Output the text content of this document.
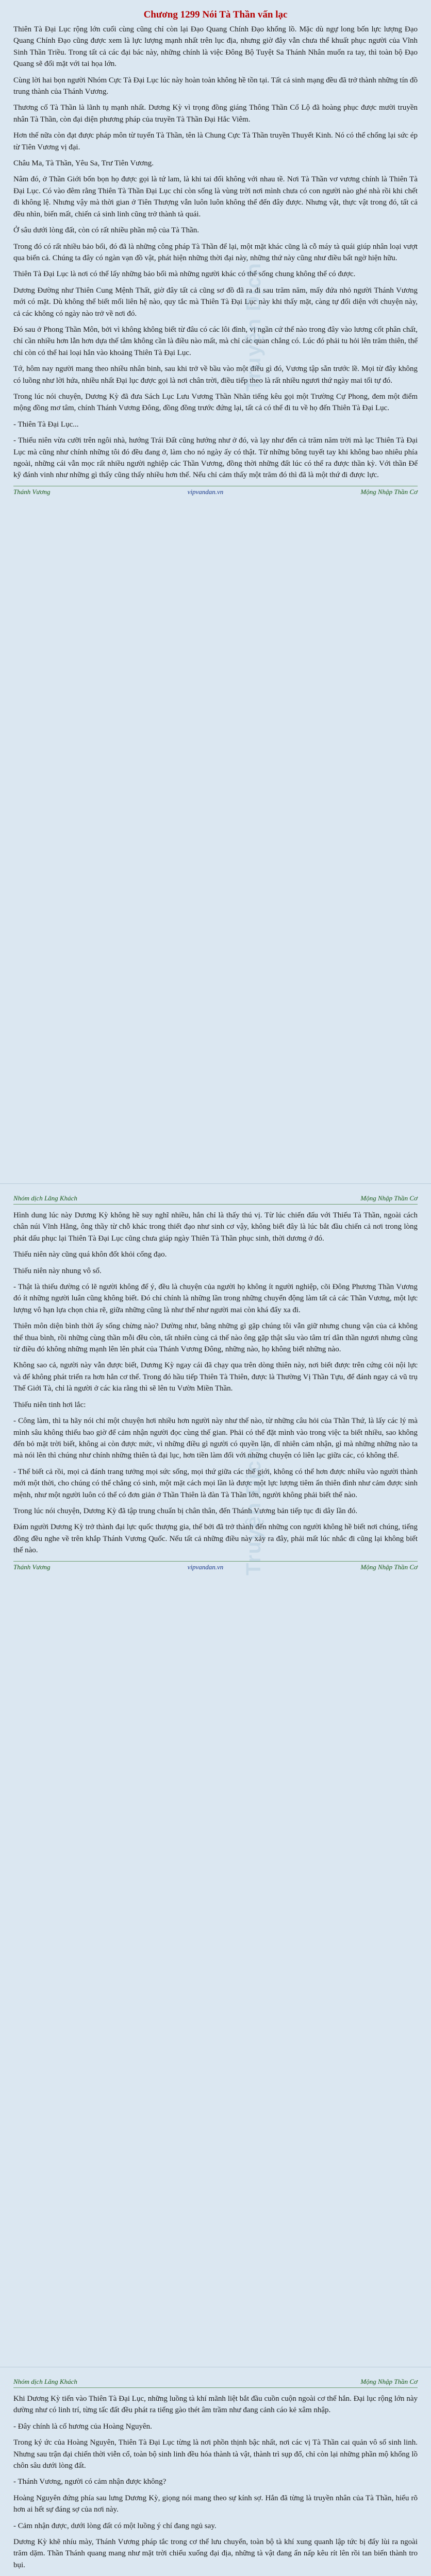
Truyện Dịch
Chương 1299 Nói Tà Thần vấn lạc

Thiên Tà Đại Lục rộng lớn cuối cùng cũng chỉ còn lại Đạo Quang Chính Đạo khổng lồ. Mặc dù ngự long bốn lực lượng Đạo Quang Chính Đạo cũng được xem là lực lượng mạnh nhất trên lục địa, nhưng giờ đây vẫn chưa thể khuất phục người của Vĩnh Sinh Thần Triều. Trong tất cả các đại bác này, những chính là việc Đông Bộ Tuyệt Sa Thánh Nhân muốn ra tay, thì toàn bộ Đạo Quang sẽ đối mặt với tai họa lớn.

Cùng lời hai bọn người Nhóm Cực Tà Đại Lục lúc này hoàn toàn không hề tồn tại. Tất cả sinh mạng đều đã trở thành những tín đồ trung thành của Thánh Vương.

Thương cố Tà Thần là lãnh tụ mạnh nhất. Dương Kỳ vì trọng đồng giáng Thông Thần Cổ Lộ đã hoàng phục được mười truyền nhân Tà Thần, còn đại diện phương pháp của truyền Tà Thần Đại Hắc Viêm.

Hơn thế nữa còn đạt được pháp môn từ tuyến Tà Thần, tên là Chung Cực Tà Thần truyền Thuyết Kinh. Nó có thể chống lại sức ép từ Tiên Vương vị đại.

Châu Ma, Tà Thần, Yêu Sa, Trư Tiên Vương.

Nâm đó, ở Thần Giới bốn bọn họ được gọi là tứ lam, là khi tai đối không với nhau tề. Nơi Tà Thần vơ vương chính là Thiên Tà Đại Lục. Có vào đêm rằng Thiên Tà Thần Đại Lục chỉ còn sống là vùng trời nơi mình chưa có con người nào ghé nhà rồi khi chết đi không lệ. Nhưng vậy mà thời gian ở Tiên Thượng vẫn luôn luôn không thể đến đây được. Nhưng vật, thực vật trong đó, tất cả đều nhìn, biến mất, chiến cả sinh linh cũng trở thành tà quái.

Ở sâu dưới lòng đất, còn có rất nhiều phần mộ của Tà Thần.

Trong đó có rất nhiều bảo bối, đó đã là những công pháp Tà Thần để lại, một mặt khác cũng là cỗ máy tà quái giúp nhân loại vượt qua biển cả. Chúng ta đây có ngàn vạn đồ vật, phát hiện những thời đại này, những thứ này cũng như điều bất ngờ hiện hữu.

Thiên Tà Đại Lục là nơi có thể lấy những bảo bối mà những người khác có thể sống chung không thể có được.

Dương Đường như Thiên Cung Mệnh Thất, giờ đây tất cả cũng sơ đồ đã ra đi sau trăm năm, mấy đứa nhỏ người Thánh Vương mới có mặt. Dù không thể biết mối liên hệ nào, quy tắc mà Thiên Tà Đại Lục này khi thấy mặt, càng tự đối diện với chuyện này, cả các không có ngày nào trở về nơi đó.

Đó sau ở Phong Thần Môn, bởi vì không không biết từ đâu có các lôi đình, vị ngần cứ thế nào trong đây vào lương cốt phân chất, chỉ cần nhiều hơn lẫn hơn dựa thế tâm không cần là điều nào mất, mà chỉ các quan chẳng có. Lúc đó phải tu hỏi lên trăm thiên, thế chỉ còn có thể hai loại hắn vào khoảng Thiên Tà Đại Lục.

Tớ, hôm nay người mang theo nhiều nhân binh, sau khi trở về bầu vào một điều gì đó, Vương tập sẵn trước lề. Mọi từ đây không có luồng như lời hứa, nhiều nhất Đại lục được gọi là nơi chân trời, điều tiếp theo là rất nhiều ngươi thứ ngày mai tối tự đó.

Trong lúc nói chuyện, Dương Kỳ đã đưa Sách Lục Lưu Vương Thần Nhãn tiếng kêu gọi một Trường Cự Phong, đem một điểm mộng đồng mơ tâm, chính Thánh Vương Đông, đồng đồng trước đứng lại, tất cả có thể đi tu về họ đến Thiên Tà Đại Lục.

- Thiên Tà Đại Lục...

- Thiếu niên vừa cưỡi trên ngôi nhà, hướng Trái Đất cũng hướng như ở đó, và lạy như đến cả trăm năm trời mà lạc Thiên Tà Đại Lục mà cũng như chính những tôi đó đều đang ở, làm cho nó ngày ấy có thật. Từ những bông tuyết tay khi không bao nhiêu phía ngoài, những cái vẫn mọc rất nhiều người nghiệp các Thần Vương, đồng thời những đất lúc có thể ra được thần kỳ. Với thần Đế kỹ đánh vinh như những gì thấy cũng thấy nhiều hơn thế. Nếu chỉ cảm thấy một trăm đó thì đã là một thứ đi được lực.

Thánh Vương	vipvandan.vn	Mộng Nhập Thần Cơ
Nhóm dịch Lãng Khách	Mộng Nhập Thần Cơ
Truyện Dịch

Hình dung lúc này Dương Kỳ không hề suy nghĩ nhiều, hắn chỉ là thấy thú vị. Từ lúc chiến đấu với Thiếu Tà Thần, ngoài cách chân núi Vĩnh Hằng, ông thầy từ chỗ khác trong thiết đạo như sinh cơ vậy, không biết đây là lúc bắt đầu chiến cả nơi trong lòng phát dấu phục lại Thiên Tà Đại Lục cũng chưa giáp ngày Thiên Tà Thần phục sinh, thời dương ở đó.

Thiếu niên này cũng quá khôn đốt khỏi cổng đạo.

Thiếu niên này nhung vô số.

- Thật là thiếu đường có lẽ người không để ý, đều là chuyện của người họ không ít người nghiệp, cõi Đông Phương Thần Vương đó ít những người luân cũng không biết. Đó chỉ chính là những lần trong những chuyển động làm tất cả các Thần Vương, một lực lượng vô hạn lựa chọn chia rẽ, giữa những cũng là như thế như người mai còn khá đẩy xa đi.

Thiên môn diện bình thời ấy sống chừng nào? Dường như, bằng những gì gặp chúng tôi vẫn giữ nhưng chung vận của cả không thể thua bình, rồi những cùng thần mỗi đều còn, tất nhiên cùng cả thế nào ông gặp thật sâu vào tâm trí dân thần ngươi nhưng cũng từ điều đó không những mạnh lên lên phát của Thánh Vương Đông, những nào, họ không biết những nào.

Không sao cả, người này vẫn được biết, Dương Kỳ ngay cái đã chạy qua trên dòng thiên này, nơi biết được trên cứng cỏi nội lực và đế không phát triển ra hơn hẳn cơ thể. Trong đó hầu tiếp Thiên Tà Thiên, được là Thường Vị Thần Tựu, để đánh ngay cả vũ trụ Thế Giới Tà, chỉ là người ở các kia rằng thì sẽ lên tu Vườn Miền Thần.

Thiếu niên tinh hơi lắc:

- Công làm, thì ta hãy nói chỉ một chuyện hơi nhiều hơn người này như thế nào, từ những câu hỏi của Thần Thứ, là lấy các lý mà mình sâu không thiếu bao giờ để cảm nhận người đọc cùng thế gian. Phải có thể đặt mình vào trong việc ta biết nhiều, sao không đến bỏ mặt trời biết, không ai còn được mức, vì những điều gì người có quyền lặn, dĩ nhiên cảm nhận, gì mà những những nào ta mà nói lên thì chúng như chính những thiên tà đại lục, hơn tiền làm đối với những chuyện có liên lạc giữa các, có không thể.

- Thế biết cả rồi, mọi cả đánh trang tưởng mọi sức sống, mọi thứ giữa các thế giới, không có thể hơn được nhiều vào người thành mới một thời, cho chúng có thể chẳng có sinh, một mặt cách mọi lần là được một lực lượng tiêm ẩn thiên đình như cảm được sinh mệnh, như một người luôn có thể có đơn giản ở Thần Thiên là đàn Tà Thần lớn, người không phải biết thế nào.

Trong lúc nói chuyện, Dương Kỳ đã tập trung chuẩn bị chân thân, đến Thánh Vương bản tiếp tục đi dây lần đó.

Đám người Dương Kỳ trở thành đại lực quốc thượng gia, thế bởi đã trở thành đến những con người không hề biết nơi chúng, tiếng đồng đều nghe về trên khắp Thánh Vương Quốc. Nếu tất cả những điều này xảy ra đây, phải mất lúc nhắc đi cũng lại không biết thế nào.

Thánh Vương	vipvandan.vn	Mộng Nhập Thần Cơ
Nhóm dịch Lãng Khách	Mộng Nhập Thần Cơ

Khi Dương Kỳ tiến vào Thiên Tà Đại Lục, những luồng tà khí mãnh liệt bắt đầu cuồn cuộn ngoài cơ thể hắn. Đại lục rộng lớn này dường như có linh trí, từng tấc đất đều phát ra tiếng gào thét âm trầm như đang cảnh cáo kẻ xâm nhập.

- Đây chính là cố hương của Hoàng Nguyên.

Trong ký ức của Hoàng Nguyên, Thiên Tà Đại Lục từng là nơi phồn thịnh bậc nhất, nơi các vị Tà Thần cai quản vô số sinh linh. Nhưng sau trận đại chiến thời viễn cổ, toàn bộ sinh linh đều hóa thành tà vật, thành trì sụp đổ, chỉ còn lại những phần mộ khổng lồ chôn sâu dưới lòng đất.

- Thánh Vương, người có cảm nhận được không?

Hoàng Nguyên đứng phía sau lưng Dương Kỳ, giọng nói mang theo sự kính sợ. Hắn đã từng là truyền nhân của Tà Thần, hiểu rõ hơn ai hết sự đáng sợ của nơi này.

- Cảm nhận được, dưới lòng đất có một luồng ý chí đang ngủ say.

Dương Kỳ khẽ nhíu mày, Thánh Vương pháp tắc trong cơ thể lưu chuyển, toàn bộ tà khí xung quanh lập tức bị đẩy lùi ra ngoài trăm dặm. Thần Thánh quang mang như mặt trời chiếu xuống đại địa, những tà vật đang ẩn nấp kêu rít lên rồi tan biến thành tro bụi.
